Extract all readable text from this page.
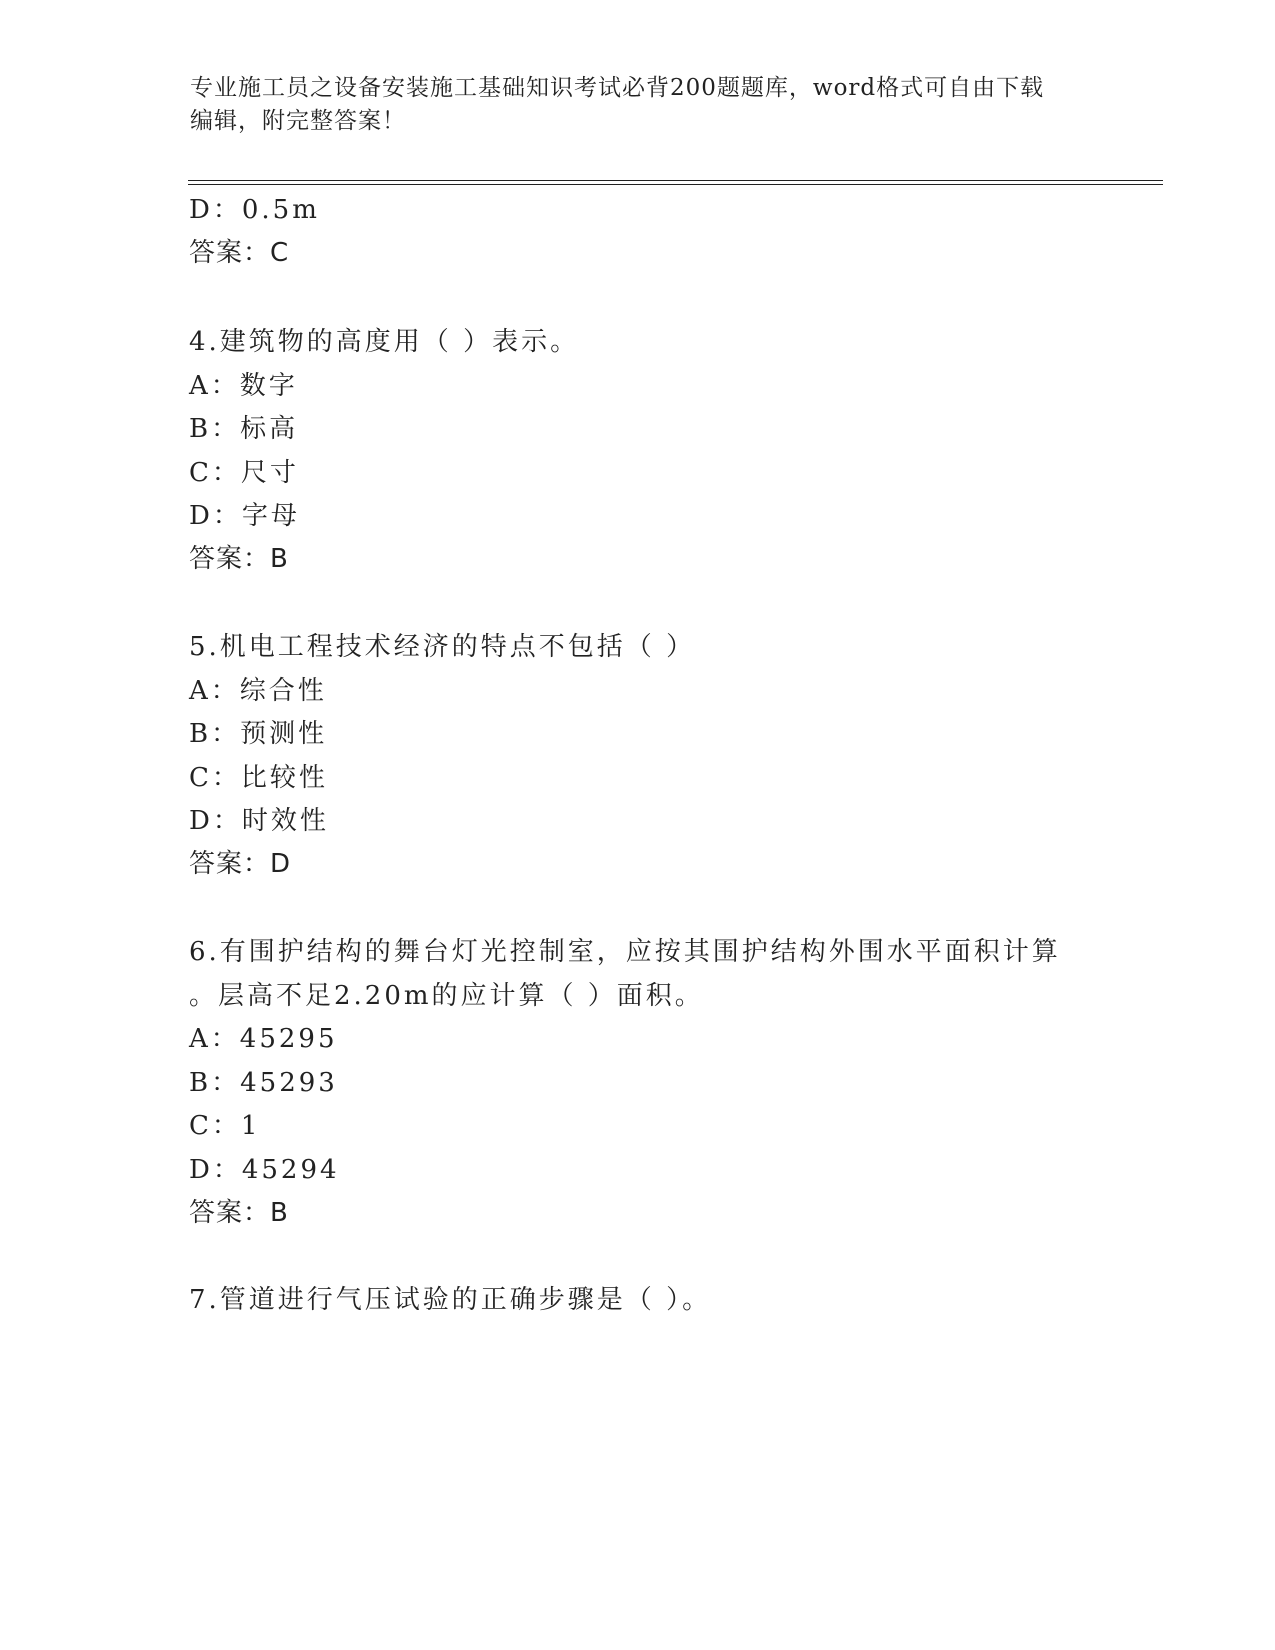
专业施工员之设备安装施工基础知识考试必背200题题库，word格式可自由下载
编辑，附完整答案！
D：0.5m
答案：C
4.建筑物的高度用（ ）表示。
A：数字
B：标高
C：尺寸
D：字母
答案：B
5.机电工程技术经济的特点不包括（ ）
A：综合性
B：预测性
C：比较性
D：时效性
答案：D
6.有围护结构的舞台灯光控制室，应按其围护结构外围水平面积计算
。层高不足2.20m的应计算（ ）面积。
A：45295
B：45293
C：1
D：45294
答案：B
7.管道进行气压试验的正确步骤是（ ）。
